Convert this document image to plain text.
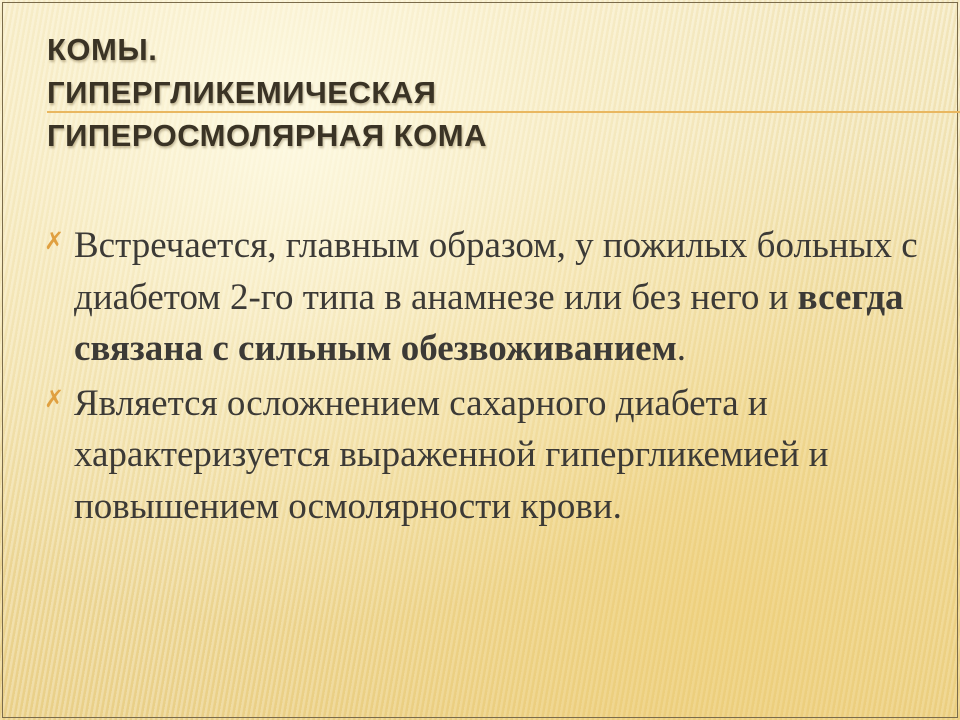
КОМЫ.
ГИПЕРГЛИКЕМИЧЕСКАЯ
ГИПЕРОСМОЛЯРНАЯ КОМА
✗ Встречается, главным образом, у пожилых больных с диабетом 2-го типа в анамнезе или без него и всегда связана с сильным обезвоживанием.
✗ Является осложнением сахарного диабета и характеризуется выраженной гипергликемией и повышением осмолярности крови.
